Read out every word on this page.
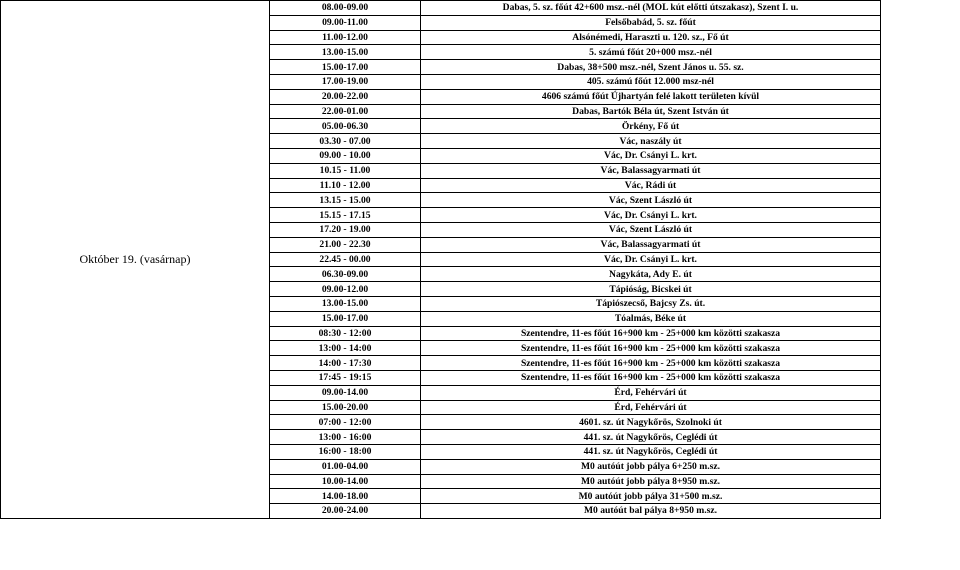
Október 19. (vasárnap)	08.00-09.00	Dabas, 5. sz. főút 42+600 msz.-nél (MOL kút előtti útszakasz), Szent I. u.	
	09.00-11.00	Felsőbabád, 5. sz. főút	
	11.00-12.00	Alsónémedi, Haraszti u. 120. sz., Fő út	
	13.00-15.00	5. számú főút 20+000 msz.-nél	
	15.00-17.00	Dabas, 38+500 msz.-nél, Szent János u. 55. sz.	
	17.00-19.00	405. számú főút 12.000 msz-nél	
	20.00-22.00	4606 számú főút Újhartyán felé lakott területen kívül	
	22.00-01.00	Dabas, Bartók Béla út, Szent István út	
	05.00-06.30	Örkény, Fő út	
	03.30 - 07.00	Vác, naszály út	
	09.00 - 10.00	Vác, Dr. Csányi L. krt.	
	10.15 - 11.00	Vác, Balassagyarmati út	
	11.10 - 12.00	Vác, Rádi út	
	13.15 - 15.00	Vác, Szent László út	
	15.15 - 17.15	Vác, Dr. Csányi L. krt.	
	17.20 - 19.00	Vác, Szent László út	
	21.00 - 22.30	Vác, Balassagyarmati út	
	22.45 - 00.00	Vác, Dr. Csányi L. krt.	
	06.30-09.00	Nagykáta, Ady E. út	
	09.00-12.00	Tápióság, Bicskei út	
	13.00-15.00	Tápiószecső, Bajcsy Zs. út.	
	15.00-17.00	Tóalmás, Béke út	
	08:30 - 12:00	Szentendre, 11-es főút 16+900 km - 25+000 km közötti szakasza	
	13:00 - 14:00	Szentendre, 11-es főút 16+900 km - 25+000 km közötti szakasza	
	14:00 - 17:30	Szentendre, 11-es főút 16+900 km - 25+000 km közötti szakasza	
	17:45 - 19:15	Szentendre, 11-es főút 16+900 km - 25+000 km közötti szakasza	
	09.00-14.00	Érd, Fehérvári út	
	15.00-20.00	Érd, Fehérvári út	
	07:00 - 12:00	4601. sz. út Nagykőrös, Szolnoki út	
	13:00 - 16:00	441. sz. út Nagykőrös, Ceglédi út	
	16:00 - 18:00	441. sz. út Nagykőrös, Ceglédi út	
	01.00-04.00	M0 autóút jobb pálya 6+250 m.sz.	
	10.00-14.00	M0 autóút jobb pálya 8+950 m.sz.	
	14.00-18.00	M0 autóút jobb pálya 31+500 m.sz.	
	20.00-24.00	M0 autóút bal pálya 8+950 m.sz.	
